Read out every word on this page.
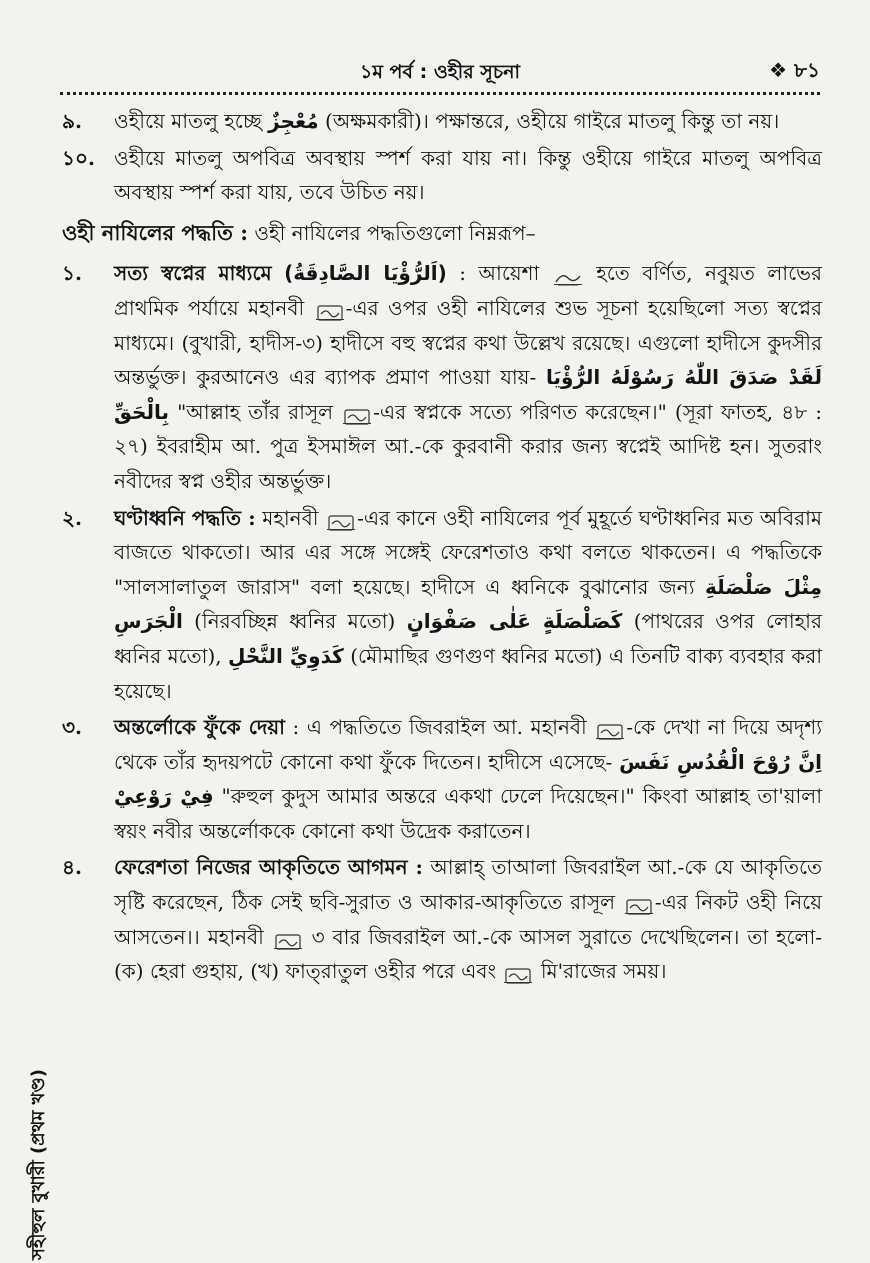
১ম পর্ব : ওহীর সূচনা	❖ ৮১
৯.	ওহীয়ে মাতলু হচ্ছে مُعْجِزٌ (অক্ষমকারী)। পক্ষান্তরে, ওহীয়ে গাইরে মাতলু কিন্তু তা নয়।
১০. ওহীয়ে মাতলু অপবিত্র অবস্থায় স্পর্শ করা যায় না। কিন্তু ওহীয়ে গাইরে মাতলু অপবিত্র অবস্থায় স্পর্শ করা যায়, তবে উচিত নয়।
ওহী নাযিলের পদ্ধতি : ওহী নাযিলের পদ্ধতিগুলো নিম্নরূপ–
১.	সত্য স্বপ্নের মাধ্যমে (اَلرُّؤْيَا الصَّادِقَةُ) : আয়েশা  হতে বর্ণিত, নবুয়ত লাভের প্রাথমিক পর্যায়ে মহানবী -এর ওপর ওহী নাযিলের শুভ সূচনা হয়েছিলো সত্য স্বপ্নের মাধ্যমে। (বুখারী, হাদীস-৩) হাদীসে বহু স্বপ্নের কথা উল্লেখ রয়েছে। এগুলো হাদীসে কুদসীর অন্তর্ভুক্ত। কুরআনেও এর ব্যাপক প্রমাণ পাওয়া যায়- لَقَدْ صَدَقَ اللّٰهُ رَسُوْلَهُ الرُّؤْيَا بِالْحَقِّ "আল্লাহ তাঁর রাসূল -এর স্বপ্নকে সত্যে পরিণত করেছেন।" (সূরা ফাতহ, ৪৮ : ২৭) ইবরাহীম আ. পুত্র ইসমাঈল আ.-কে কুরবানী করার জন্য স্বপ্নেই আদিষ্ট হন। সুতরাং নবীদের স্বপ্ন ওহীর অন্তর্ভুক্ত।
২.	ঘণ্টাধ্বনি পদ্ধতি : মহানবী -এর কানে ওহী নাযিলের পূর্ব মুহূর্তে ঘণ্টাধ্বনির মত অবিরাম বাজতে থাকতো। আর এর সঙ্গে সঙ্গেই ফেরেশতাও কথা বলতে থাকতেন। এ পদ্ধতিকে "সালসালাতুল জারাস" বলা হয়েছে। হাদীসে এ ধ্বনিকে বুঝানোর জন্য مِثْلَ صَلْصَلَةِ الْجَرَسِ (নিরবচ্ছিন্ন ধ্বনির মতো) كَصَلْصَلَةٍ عَلٰى صَفْوَانٍ (পাথরের ওপর লোহার ধ্বনির মতো), كَدَوِيِّ النَّحْلِ (মৌমাছির গুণগুণ ধ্বনির মতো) এ তিনটি বাক্য ব্যবহার করা হয়েছে।
৩.	অন্তর্লোকে ফুঁকে দেয়া : এ পদ্ধতিতে জিবরাইল আ. মহানবী -কে দেখা না দিয়ে অদৃশ্য থেকে তাঁর হৃদয়পটে কোনো কথা ফুঁকে দিতেন। হাদীসে এসেছে- اِنَّ رُوْحَ الْقُدُسِ نَفَسَ فِيْ رَوْعِيْ "রুহুল কুদুস আমার অন্তরে একথা ঢেলে দিয়েছেন।" কিংবা আল্লাহ তা'য়ালা স্বয়ং নবীর অন্তর্লোককে কোনো কথা উদ্রেক করাতেন।
৪.	ফেরেশতা নিজের আকৃতিতে আগমন : আল্লাহ্ তাআলা জিবরাইল আ.-কে যে আকৃতিতে সৃষ্টি করেছেন, ঠিক সেই ছবি-সুরাত ও আকার-আকৃতিতে রাসূল -এর নিকট ওহী নিয়ে আসতেন।। মহানবী  ৩ বার জিবরাইল আ.-কে আসল সুরাতে দেখেছিলেন। তা হলো- (ক) হেরা গুহায়, (খ) ফাত্‌রাতুল ওহীর পরে এবং  মি'রাজের সময়।
সহীহুল বুখারী (প্রথম খণ্ড)
